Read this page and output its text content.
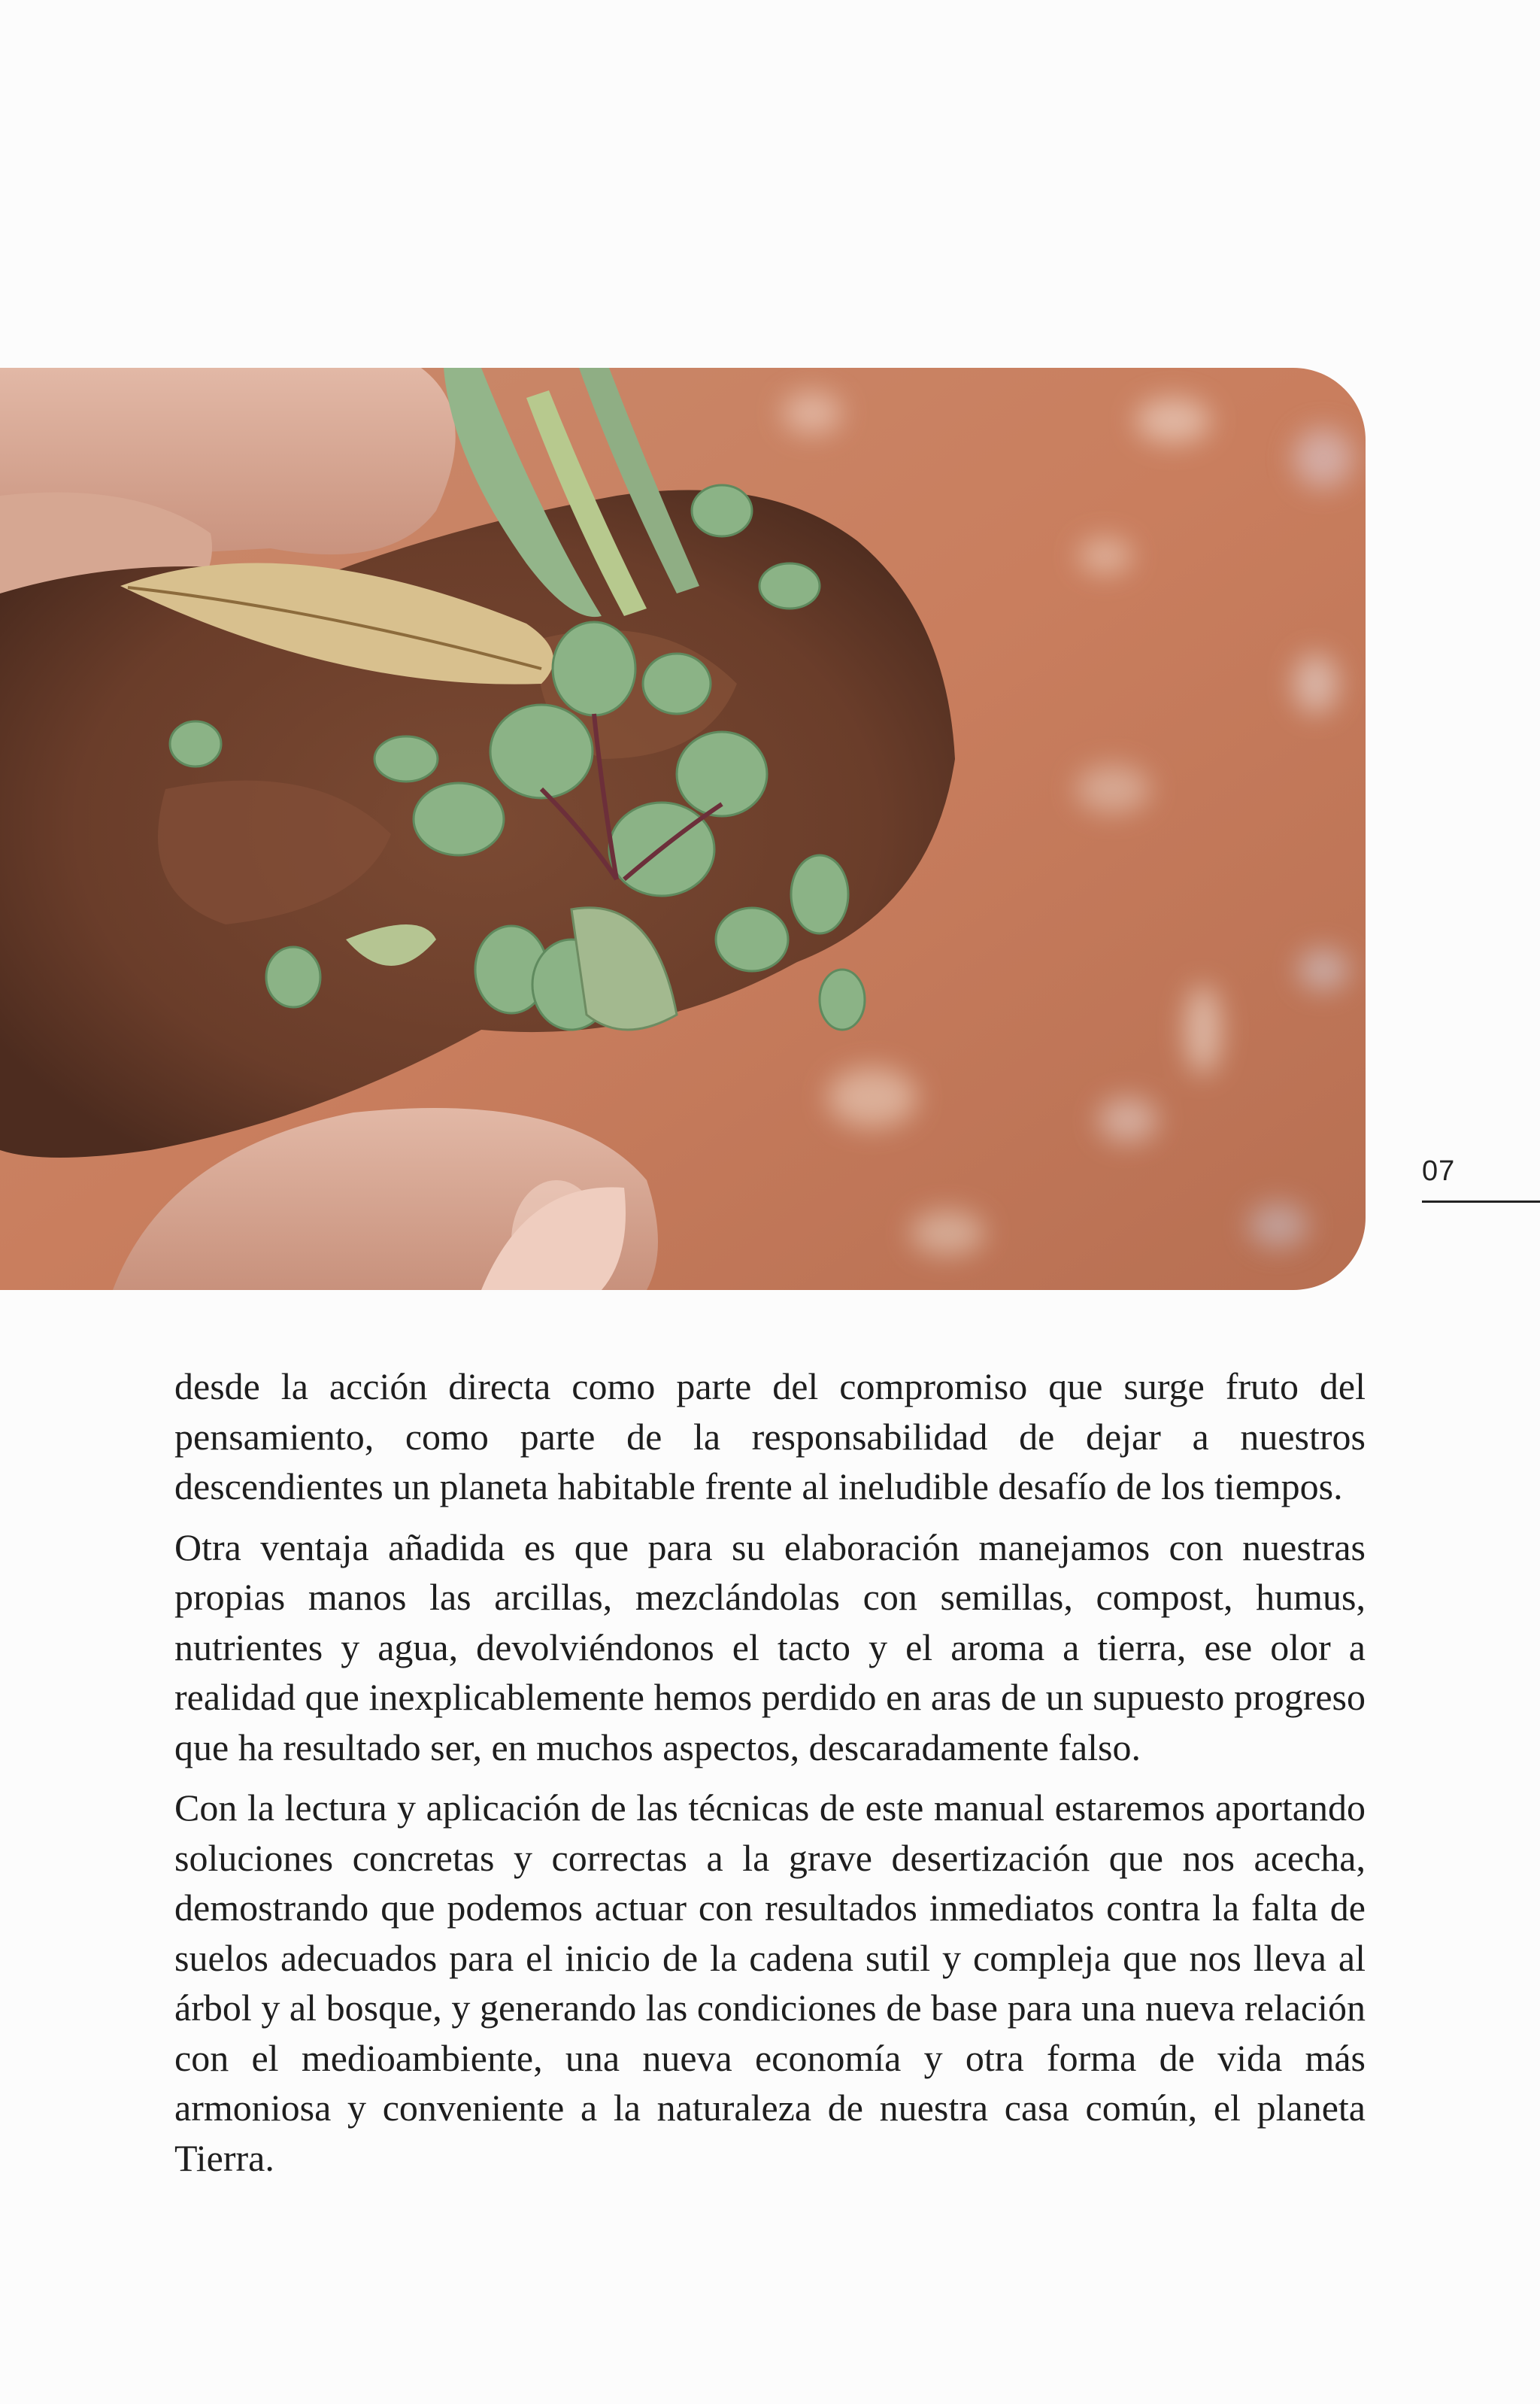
07

desde la acción directa como parte del compromiso que surge fruto del pensamiento, como parte de la responsabilidad de dejar a nuestros descendientes un planeta habitable frente al ineludible desafío de los tiempos.

Otra ventaja añadida es que para su elaboración manejamos con nuestras propias manos las arcillas, mezclándolas con semillas, compost, humus, nutrientes y agua, devolviéndonos el tacto y el aroma a tierra, ese olor a realidad que inexplicablemente hemos perdido en aras de un supuesto progreso que ha resultado ser, en muchos aspectos, descaradamente falso.

Con la lectura y aplicación de las técnicas de este manual estaremos aportando soluciones concretas y correctas a la grave desertización que nos acecha, demostrando que podemos actuar con resultados inmediatos contra la falta de suelos adecuados para el inicio de la cadena sutil y compleja que nos lleva al árbol y al bosque, y generando las condiciones de base para una nueva relación con el medioambiente, una nueva economía y otra forma de vida más armoniosa y conveniente a la naturaleza de nuestra casa común, el planeta Tierra.
